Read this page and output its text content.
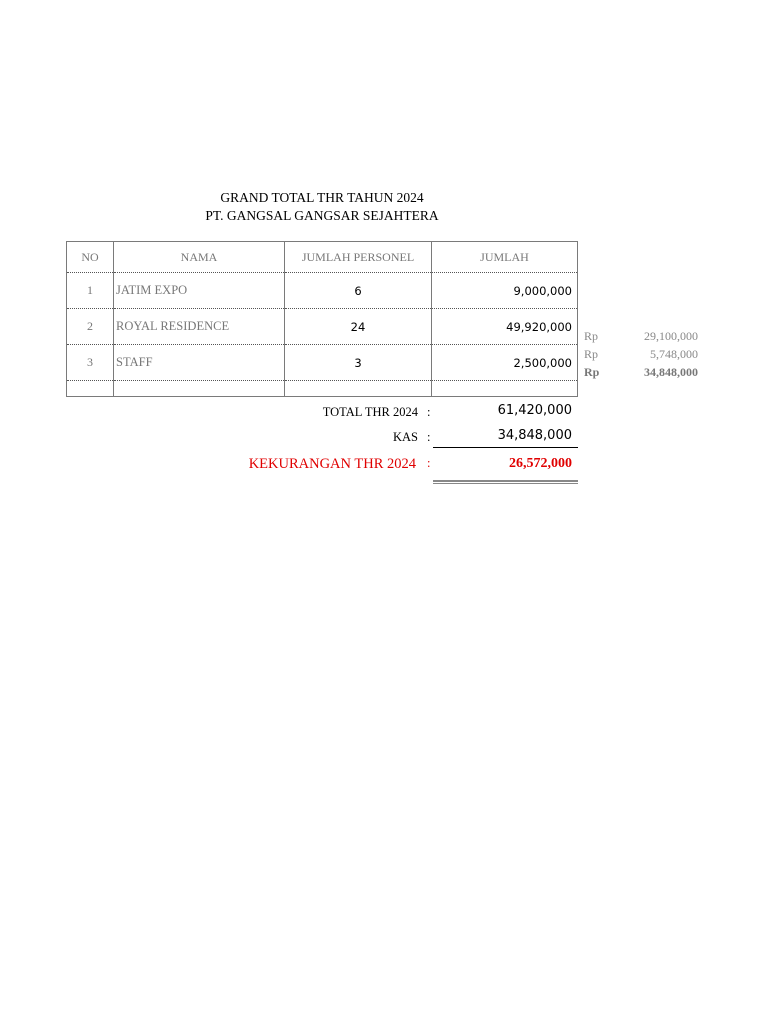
GRAND TOTAL THR TAHUN 2024
PT. GANGSAL GANGSAR SEJAHTERA
NO	NAMA	JUMLAH PERSONEL	JUMLAH
1	JATIM EXPO	6	9,000,000
2	ROYAL RESIDENCE	24	49,920,000
3	STAFF	3	2,500,000

Rp	29,100,000
Rp	5,748,000
Rp	34,848,000
TOTAL THR 2024 :	61,420,000
KAS :	34,848,000
KEKURANGAN THR 2024 :	26,572,000
